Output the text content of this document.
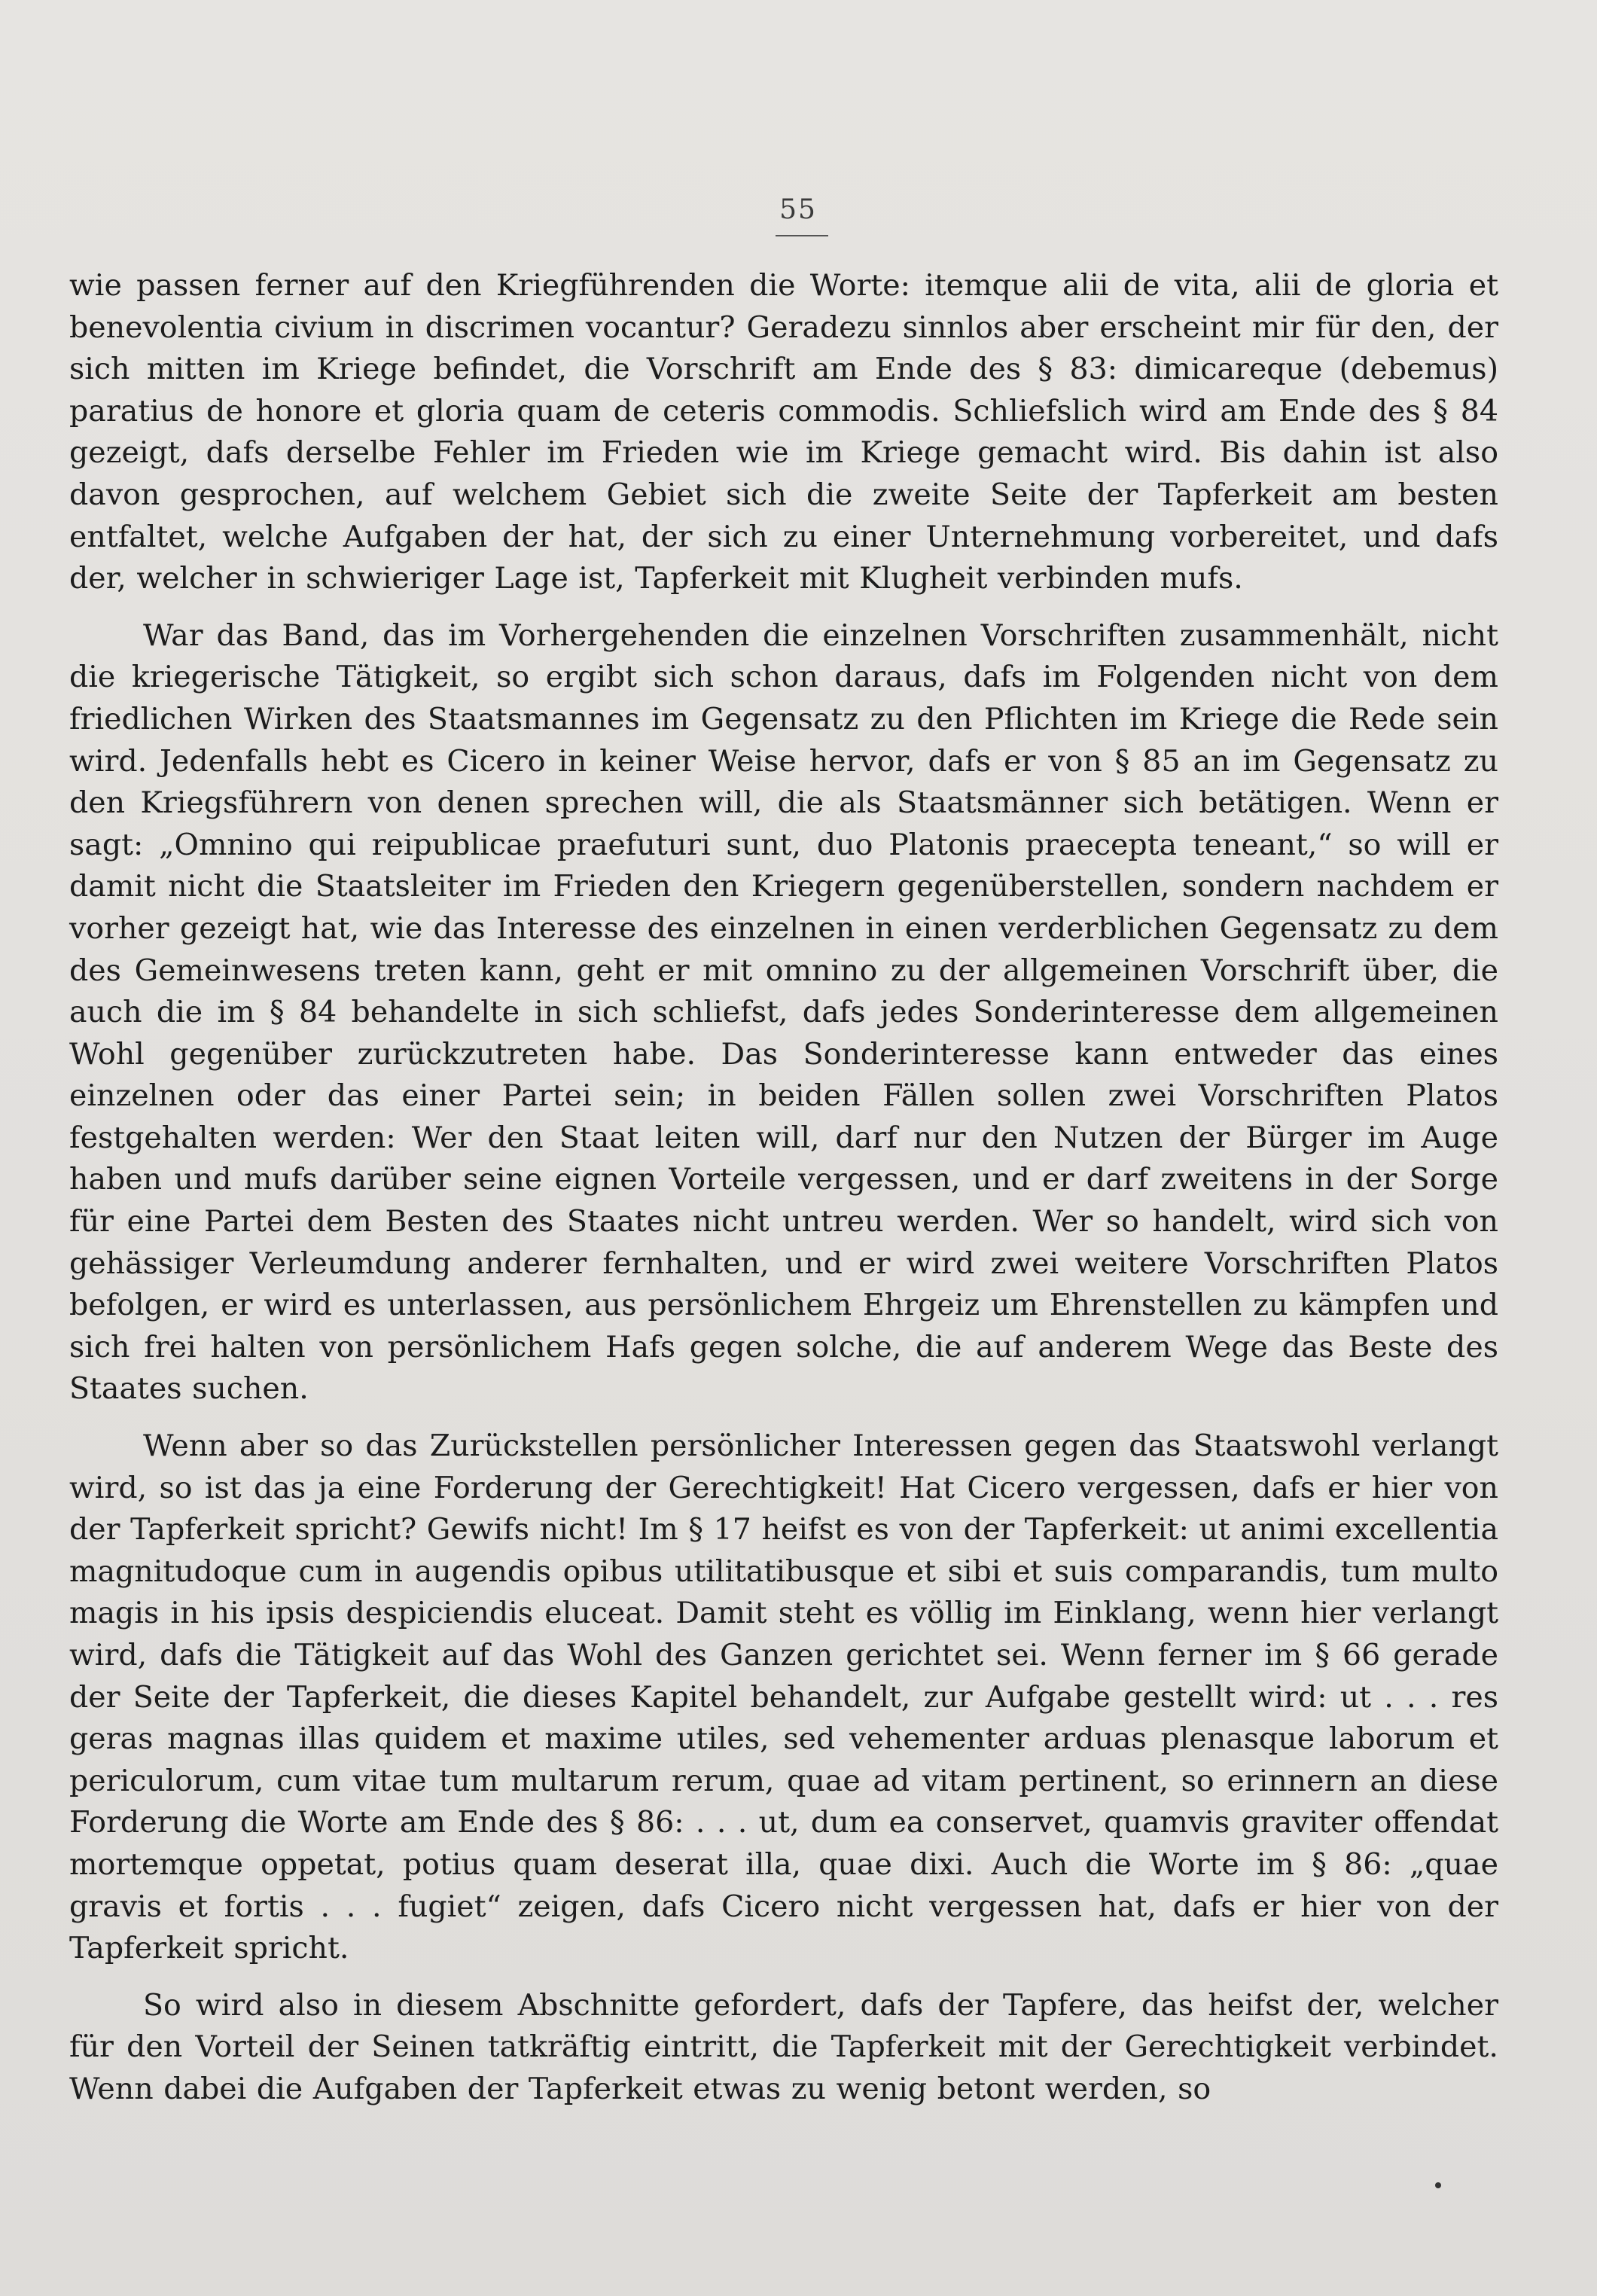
55

wie passen ferner auf den Kriegführenden die Worte: itemque alii de vita, alii de gloria et benevolentia civium in discrimen vocantur? Geradezu sinnlos aber erscheint mir für den, der sich mitten im Kriege befindet, die Vorschrift am Ende des § 83: dimicareque (debemus) paratius de honore et gloria quam de ceteris commodis. Schliefslich wird am Ende des § 84 gezeigt, dafs derselbe Fehler im Frieden wie im Kriege gemacht wird. Bis dahin ist also davon gesprochen, auf welchem Gebiet sich die zweite Seite der Tapferkeit am besten entfaltet, welche Aufgaben der hat, der sich zu einer Unternehmung vorbereitet, und dafs der, welcher in schwieriger Lage ist, Tapferkeit mit Klugheit verbinden mufs.

War das Band, das im Vorhergehenden die einzelnen Vorschriften zusammenhält, nicht die kriegerische Tätigkeit, so ergibt sich schon daraus, dafs im Folgenden nicht von dem friedlichen Wirken des Staatsmannes im Gegensatz zu den Pflichten im Kriege die Rede sein wird. Jedenfalls hebt es Cicero in keiner Weise hervor, dafs er von § 85 an im Gegensatz zu den Kriegsführern von denen sprechen will, die als Staatsmänner sich betätigen. Wenn er sagt: „Omnino qui reipublicae praefuturi sunt, duo Platonis praecepta teneant,“ so will er damit nicht die Staatsleiter im Frieden den Kriegern gegenüberstellen, sondern nachdem er vorher gezeigt hat, wie das Interesse des einzelnen in einen verderblichen Gegensatz zu dem des Gemeinwesens treten kann, geht er mit omnino zu der allgemeinen Vorschrift über, die auch die im § 84 behandelte in sich schliefst, dafs jedes Sonderinteresse dem allgemeinen Wohl gegenüber zurückzutreten habe. Das Sonderinteresse kann entweder das eines einzelnen oder das einer Partei sein; in beiden Fällen sollen zwei Vorschriften Platos festgehalten werden: Wer den Staat leiten will, darf nur den Nutzen der Bürger im Auge haben und mufs darüber seine eignen Vorteile vergessen, und er darf zweitens in der Sorge für eine Partei dem Besten des Staates nicht untreu werden. Wer so handelt, wird sich von gehässiger Verleumdung anderer fernhalten, und er wird zwei weitere Vorschriften Platos befolgen, er wird es unterlassen, aus persönlichem Ehrgeiz um Ehrenstellen zu kämpfen und sich frei halten von persönlichem Hafs gegen solche, die auf anderem Wege das Beste des Staates suchen.

Wenn aber so das Zurückstellen persönlicher Interessen gegen das Staatswohl verlangt wird, so ist das ja eine Forderung der Gerechtigkeit! Hat Cicero vergessen, dafs er hier von der Tapferkeit spricht? Gewifs nicht! Im § 17 heifst es von der Tapferkeit: ut animi excellentia magnitudoque cum in augendis opibus utilitatibusque et sibi et suis comparandis, tum multo magis in his ipsis despiciendis eluceat. Damit steht es völlig im Einklang, wenn hier verlangt wird, dafs die Tätigkeit auf das Wohl des Ganzen gerichtet sei. Wenn ferner im § 66 gerade der Seite der Tapferkeit, die dieses Kapitel behandelt, zur Aufgabe gestellt wird: ut . . . res geras magnas illas quidem et maxime utiles, sed vehementer arduas plenasque laborum et periculorum, cum vitae tum multarum rerum, quae ad vitam pertinent, so erinnern an diese Forderung die Worte am Ende des § 86: . . . ut, dum ea conservet, quamvis graviter offendat mortemque oppetat, potius quam deserat illa, quae dixi. Auch die Worte im § 86: „quae gravis et fortis . . . fugiet“ zeigen, dafs Cicero nicht vergessen hat, dafs er hier von der Tapferkeit spricht.

So wird also in diesem Abschnitte gefordert, dafs der Tapfere, das heifst der, welcher für den Vorteil der Seinen tatkräftig eintritt, die Tapferkeit mit der Gerechtigkeit verbindet. Wenn dabei die Aufgaben der Tapferkeit etwas zu wenig betont werden, so
